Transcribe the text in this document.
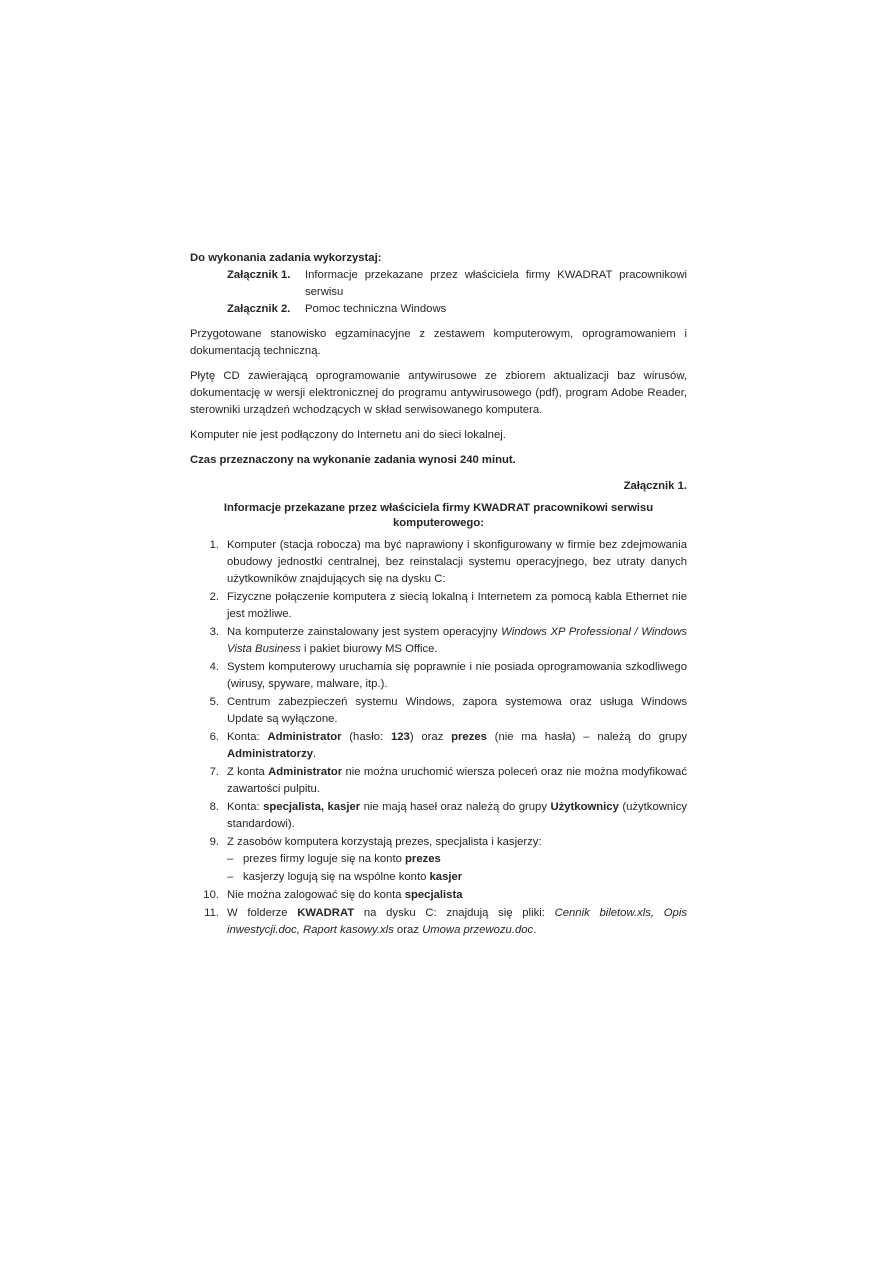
Do wykonania zadania wykorzystaj:

Załącznik 1.	Informacje przekazane przez właściciela firmy KWADRAT pracownikowi serwisu
Załącznik 2.	Pomoc techniczna Windows

Przygotowane stanowisko egzaminacyjne z zestawem komputerowym, oprogramowaniem i dokumentacją techniczną.

Płytę CD zawierającą oprogramowanie antywirusowe ze zbiorem aktualizacji baz wirusów, dokumentację w wersji elektronicznej do programu antywirusowego (pdf), program Adobe Reader, sterowniki urządzeń wchodzących w skład serwisowanego komputera.

Komputer nie jest podłączony do Internetu ani do sieci lokalnej.

Czas przeznaczony na wykonanie zadania wynosi 240 minut.

Załącznik 1.

Informacje przekazane przez właściciela firmy KWADRAT pracownikowi serwisu komputerowego:

1. Komputer (stacja robocza) ma być naprawiony i skonfigurowany w firmie bez zdejmowania obudowy jednostki centralnej, bez reinstalacji systemu operacyjnego, bez utraty danych użytkowników znajdujących się na dysku C:
2. Fizyczne połączenie komputera z siecią lokalną i Internetem za pomocą kabla Ethernet nie jest możliwe.
3. Na komputerze zainstalowany jest system operacyjny Windows XP Professional / Windows Vista Business i pakiet biurowy MS Office.
4. System komputerowy uruchamia się poprawnie i nie posiada oprogramowania szkodliwego (wirusy, spyware, malware, itp.).
5. Centrum zabezpieczeń systemu Windows, zapora systemowa oraz usługa Windows Update są wyłączone.
6. Konta: Administrator (hasło: 123) oraz prezes (nie ma hasła) – należą do grupy Administratorzy.
7. Z konta Administrator nie można uruchomić wiersza poleceń oraz nie można modyfikować zawartości pulpitu.
8. Konta: specjalista, kasjer nie mają haseł oraz należą do grupy Użytkownicy (użytkownicy standardowi).
9. Z zasobów komputera korzystają prezes, specjalista i kasjerzy:
– prezes firmy loguje się na konto prezes
– kasjerzy logują się na wspólne konto kasjer
10. Nie można zalogować się do konta specjalista
11. W folderze KWADRAT na dysku C: znajdują się pliki: Cennik biletow.xls, Opis inwestycji.doc, Raport kasowy.xls oraz Umowa przewozu.doc.
